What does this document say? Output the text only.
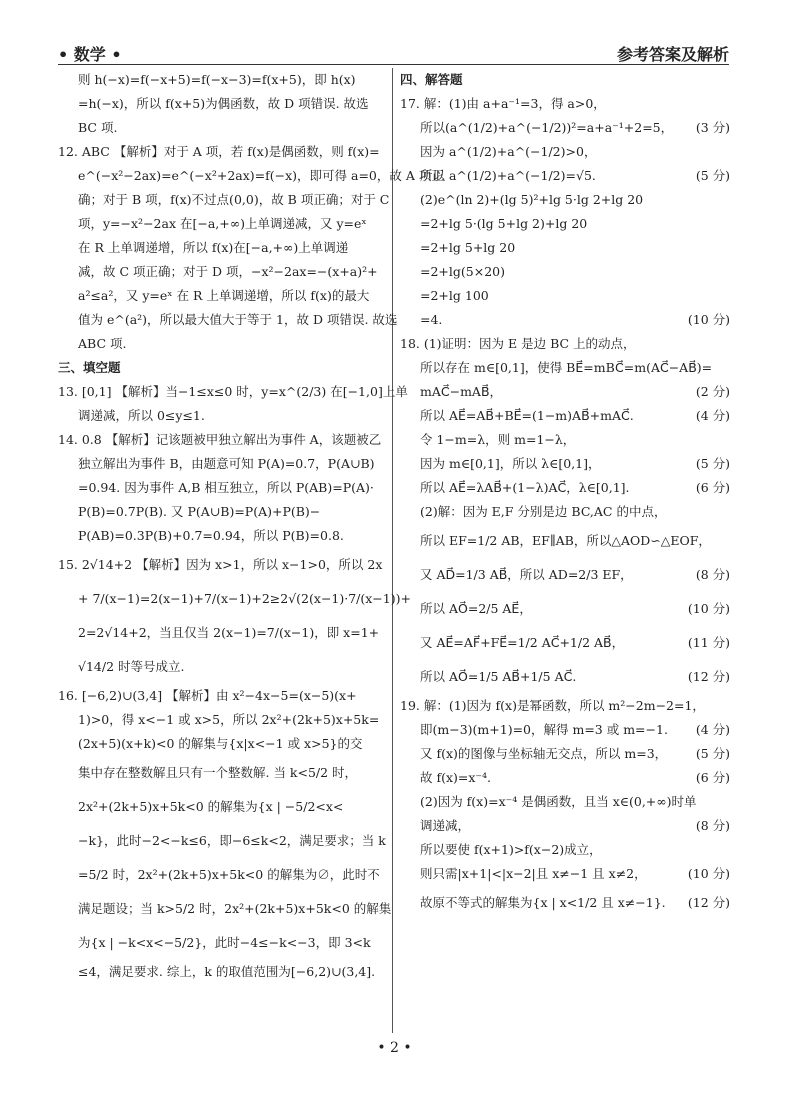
• 数学 •	参考答案及解析
则 h(−x)=f(−x+5)=f(−x−3)=f(x+5)，即 h(x)
=h(−x)，所以 f(x+5)为偶函数，故 D 项错误. 故选
BC 项.
12. ABC 【解析】对于 A 项，若 f(x)是偶函数，则 f(x)=
e^(−x²−2ax)=e^(−x²+2ax)=f(−x)，即可得 a=0，故 A 项正
确；对于 B 项，f(x)不过点(0,0)，故 B 项正确；对于 C
项，y=−x²−2ax 在[−a,+∞)上单调递减，又 y=eˣ
在 R 上单调递增，所以 f(x)在[−a,+∞)上单调递
减，故 C 项正确；对于 D 项，−x²−2ax=−(x+a)²+
a²≤a²，又 y=eˣ 在 R 上单调递增，所以 f(x)的最大
值为 e^(a²)，所以最大值大于等于 1，故 D 项错误. 故选
ABC 项.
三、填空题
13. [0,1] 【解析】当−1≤x≤0 时，y=x^(2/3) 在[−1,0]上单
调递减，所以 0≤y≤1.
14. 0.8 【解析】记该题被甲独立解出为事件 A，该题被乙
独立解出为事件 B，由题意可知 P(A)=0.7，P(A∪B)
=0.94. 因为事件 A,B 相互独立，所以 P(AB)=P(A)·
P(B)=0.7P(B). 又 P(A∪B)=P(A)+P(B)−
P(AB)=0.3P(B)+0.7=0.94，所以 P(B)=0.8.
15. 2√14+2 【解析】因为 x>1，所以 x−1>0，所以 2x
+ 7/(x−1)=2(x−1)+7/(x−1)+2≥2√(2(x−1)·7/(x−1))+
2=2√14+2，当且仅当 2(x−1)=7/(x−1)，即 x=1+
√14/2 时等号成立.
16. [−6,2)∪(3,4] 【解析】由 x²−4x−5=(x−5)(x+
1)>0，得 x<−1 或 x>5，所以 2x²+(2k+5)x+5k=
(2x+5)(x+k)<0 的解集与{x|x<−1 或 x>5}的交
集中存在整数解且只有一个整数解. 当 k<5/2 时，
2x²+(2k+5)x+5k<0 的解集为{x | −5/2<x<
−k}，此时−2<−k≤6，即−6≤k<2，满足要求；当 k
=5/2 时，2x²+(2k+5)x+5k<0 的解集为∅，此时不
满足题设；当 k>5/2 时，2x²+(2k+5)x+5k<0 的解集
为{x | −k<x<−5/2}，此时−4≤−k<−3，即 3<k
≤4，满足要求. 综上，k 的取值范围为[−6,2)∪(3,4].
四、解答题
17. 解：(1)由 a+a⁻¹=3，得 a>0，
所以(a^(1/2)+a^(−1/2))²=a+a⁻¹+2=5， (3 分)
因为 a^(1/2)+a^(−1/2)>0，
所以 a^(1/2)+a^(−1/2)=√5.	(5 分)
(2)e^(ln 2)+(lg 5)²+lg 5·lg 2+lg 20
=2+lg 5·(lg 5+lg 2)+lg 20
=2+lg 5+lg 20
=2+lg(5×20)
=2+lg 100
=4.	(10 分)
18. (1)证明：因为 E 是边 BC 上的动点，
所以存在 m∈[0,1]，使得 BE⃗=mBC⃗=m(AC⃗−AB⃗)=
mAC⃗−mAB⃗，	(2 分)
所以 AE⃗=AB⃗+BE⃗=(1−m)AB⃗+mAC⃗.	(4 分)
令 1−m=λ，则 m=1−λ，
因为 m∈[0,1]，所以 λ∈[0,1]，	(5 分)
所以 AE⃗=λAB⃗+(1−λ)AC⃗，λ∈[0,1].	(6 分)
(2)解：因为 E,F 分别是边 BC,AC 的中点，
所以 EF=1/2 AB，EF∥AB，所以△AOD∽△EOF，
又 AD⃗=1/3 AB⃗，所以 AD=2/3 EF，	(8 分)
所以 AO⃗=2/5 AE⃗，	(10 分)
又 AE⃗=AF⃗+FE⃗=1/2 AC⃗+1/2 AB⃗，	(11 分)
所以 AO⃗=1/5 AB⃗+1/5 AC⃗.	(12 分)
19. 解：(1)因为 f(x)是幂函数，所以 m²−2m−2=1，
即(m−3)(m+1)=0，解得 m=3 或 m=−1. (4 分)
又 f(x)的图像与坐标轴无交点，所以 m=3， (5 分)
故 f(x)=x⁻⁴.	(6 分)
(2)因为 f(x)=x⁻⁴ 是偶函数，且当 x∈(0,+∞)时单
调递减，	(8 分)
所以要使 f(x+1)>f(x−2)成立，
则只需|x+1|<|x−2|且 x≠−1 且 x≠2，	(10 分)
故原不等式的解集为{x | x<1/2 且 x≠−1}. (12 分)
• 2 •
